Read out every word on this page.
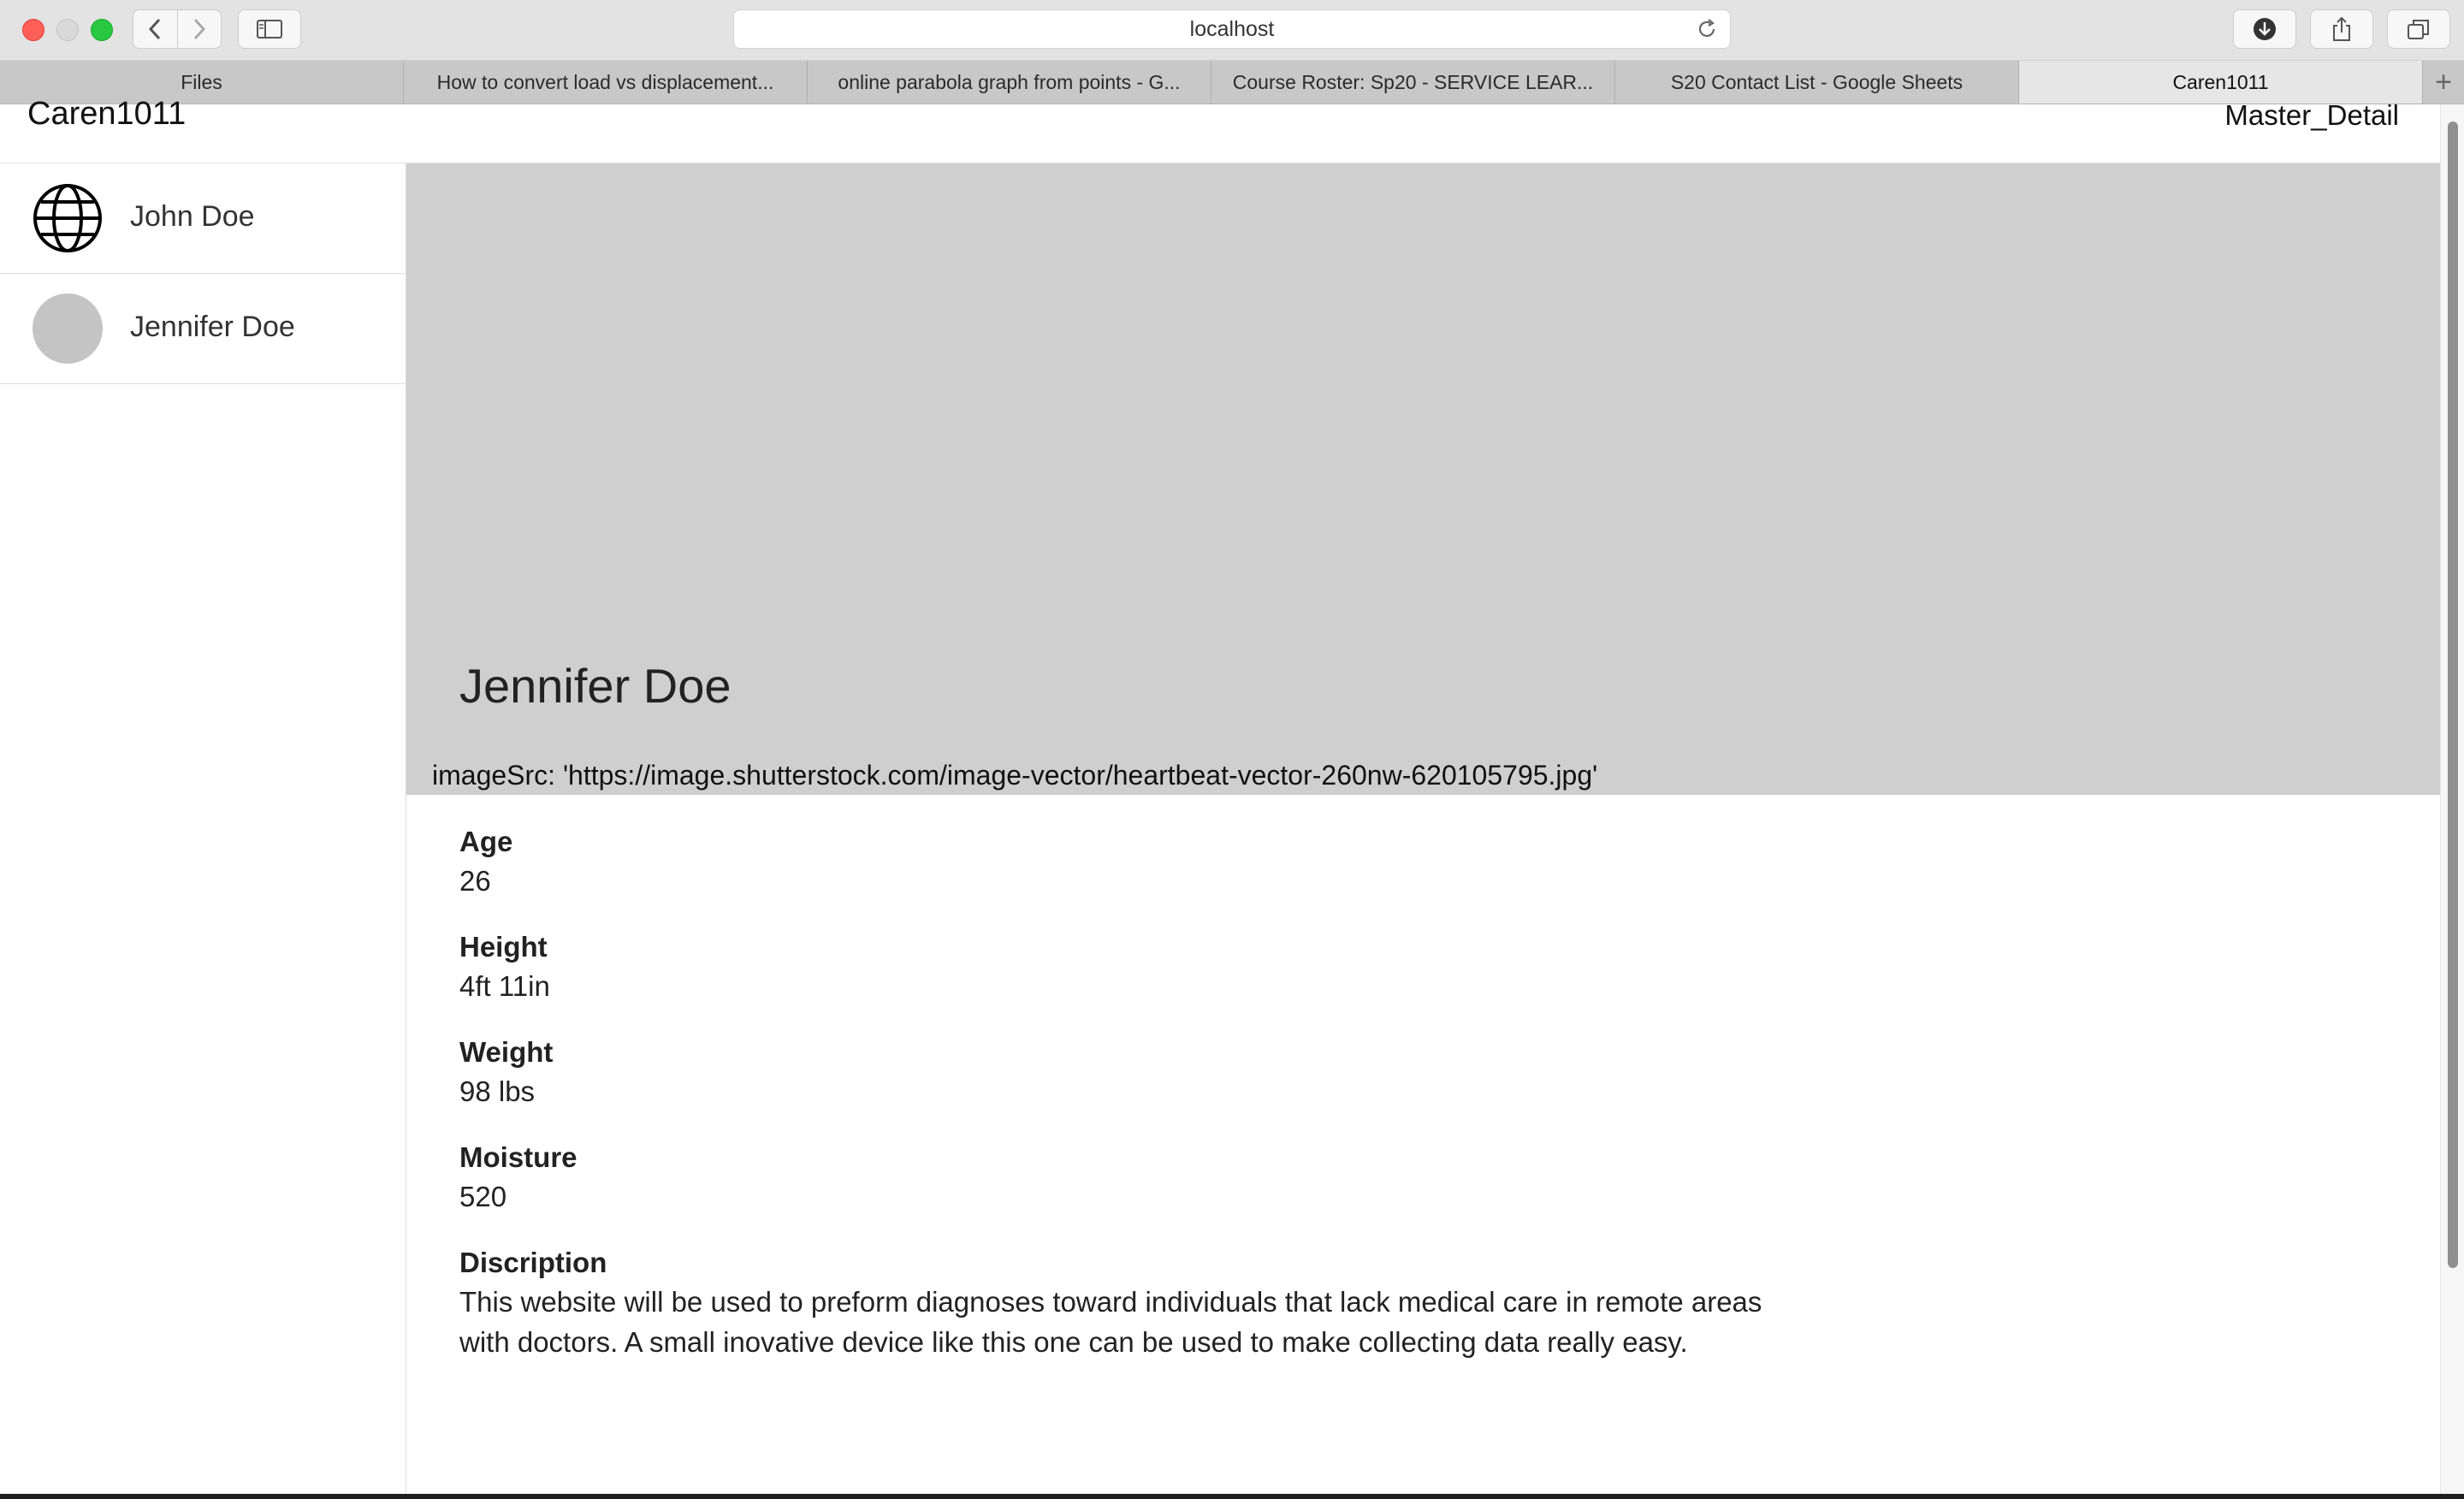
localhost
Files	How to convert load vs displacement...	online parabola graph from points - G...	Course Roster: Sp20 - SERVICE LEAR...	S20 Contact List - Google Sheets	Caren1011	+
Caren1011	Master_Detail
John Doe
Jennifer Doe
Jennifer Doe
imageSrc: 'https://image.shutterstock.com/image-vector/heartbeat-vector-260nw-620105795.jpg'
Age
26
Height
4ft 11in
Weight
98 lbs
Moisture
520
Discription
This website will be used to preform diagnoses toward individuals that lack medical care in remote areas with doctors. A small inovative device like this one can be used to make collecting data really easy.
